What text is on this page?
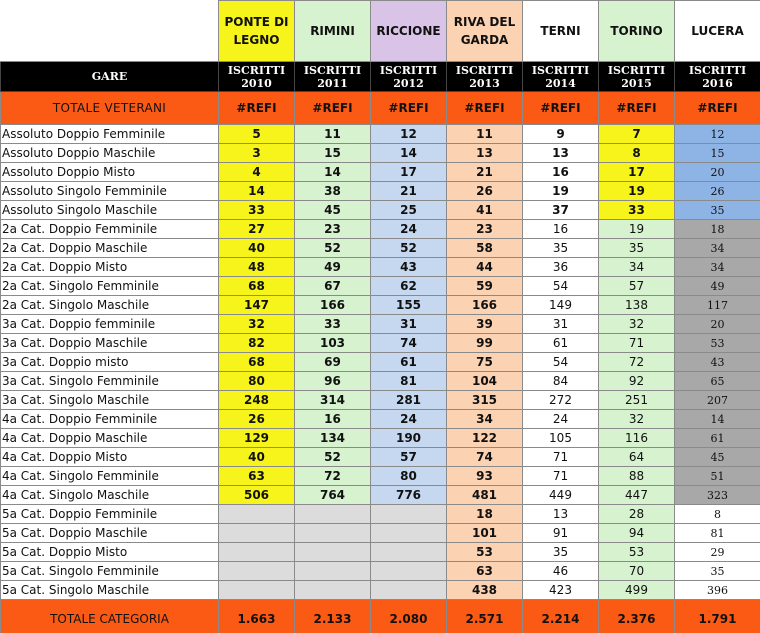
	PONTE DI LEGNO	RIMINI	RICCIONE	RIVA DEL GARDA	TERNI	TORINO	LUCERA
GARE	ISCRITTI 2010	ISCRITTI 2011	ISCRITTI 2012	ISCRITTI 2013	ISCRITTI 2014	ISCRITTI 2015	ISCRITTI 2016
TOTALE VETERANI	#REFI	#REFI	#REFI	#REFI	#REFI	#REFI	#REFI
Assoluto Doppio Femminile	5	11	12	11	9	7	12
Assoluto Doppio Maschile	3	15	14	13	13	8	15
Assoluto Doppio Misto	4	14	17	21	16	17	20
Assoluto Singolo Femminile	14	38	21	26	19	19	26
Assoluto Singolo Maschile	33	45	25	41	37	33	35
2a Cat. Doppio Femminile	27	23	24	23	16	19	18
2a Cat. Doppio Maschile	40	52	52	58	35	35	34
2a Cat. Doppio Misto	48	49	43	44	36	34	34
2a Cat. Singolo Femminile	68	67	62	59	54	57	49
2a Cat. Singolo Maschile	147	166	155	166	149	138	117
3a Cat. Doppio femminile	32	33	31	39	31	32	20
3a Cat. Doppio Maschile	82	103	74	99	61	71	53
3a Cat. Doppio misto	68	69	61	75	54	72	43
3a Cat. Singolo Femminile	80	96	81	104	84	92	65
3a Cat. Singolo Maschile	248	314	281	315	272	251	207
4a Cat. Doppio Femminile	26	16	24	34	24	32	14
4a Cat. Doppio Maschile	129	134	190	122	105	116	61
4a Cat. Doppio Misto	40	52	57	74	71	64	45
4a Cat. Singolo Femminile	63	72	80	93	71	88	51
4a Cat. Singolo Maschile	506	764	776	481	449	447	323
5a Cat. Doppio Femminile				18	13	28	8
5a Cat. Doppio Maschile				101	91	94	81
5a Cat. Doppio Misto				53	35	53	29
5a Cat. Singolo Femminile				63	46	70	35
5a Cat. Singolo Maschile				438	423	499	396
TOTALE CATEGORIA	1.663	2.133	2.080	2.571	2.214	2.376	1.791
